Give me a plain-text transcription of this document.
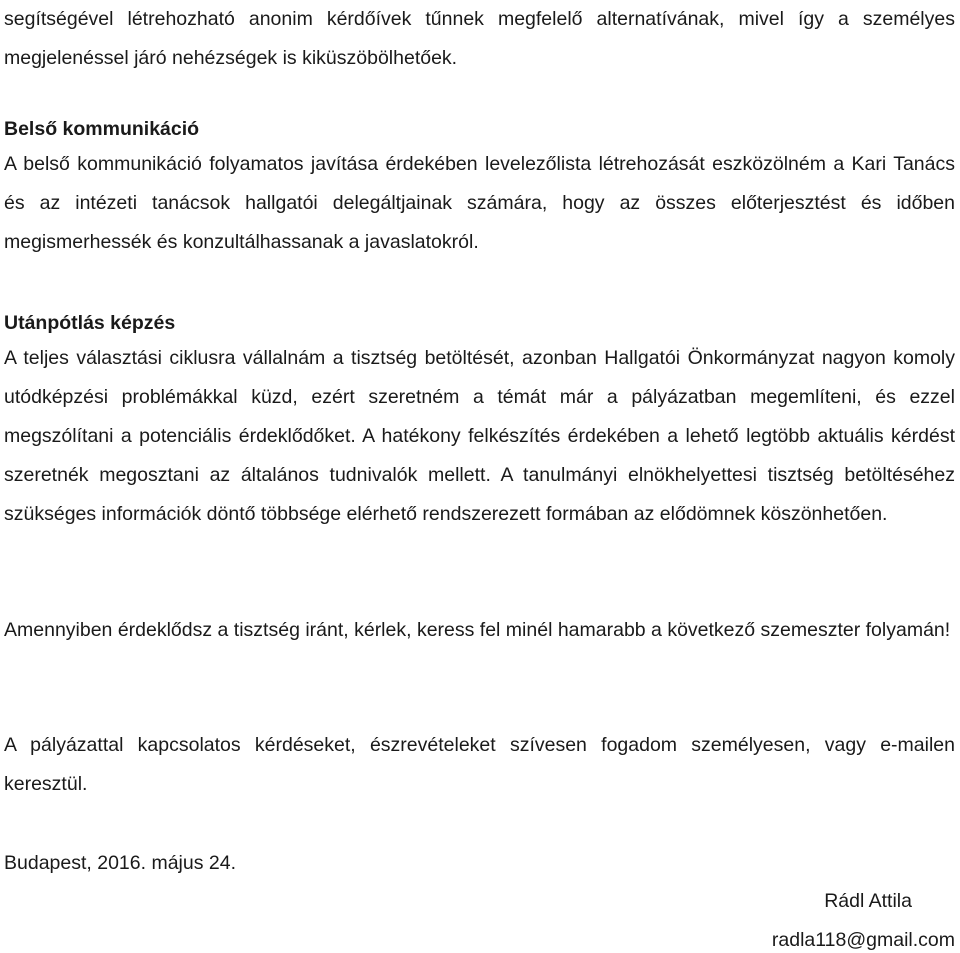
segítségével létrehozható anonim kérdőívek tűnnek megfelelő alternatívának, mivel így a személyes megjelenéssel járó nehézségek is kiküszöbölhetőek.

Belső kommunikáció

A belső kommunikáció folyamatos javítása érdekében levelezőlista létrehozását eszközölném a Kari Tanács és az intézeti tanácsok hallgatói delegáltjainak számára, hogy az összes előterjesztést és időben megismerhessék és konzultálhassanak a javaslatokról.

Utánpótlás képzés

A teljes választási ciklusra vállalnám a tisztség betöltését, azonban Hallgatói Önkormányzat nagyon komoly utódképzési problémákkal küzd, ezért szeretném a témát már a pályázatban megemlíteni, és ezzel megszólítani a potenciális érdeklődőket. A hatékony felkészítés érdekében a lehető legtöbb aktuális kérdést szeretnék megosztani az általános tudnivalók mellett. A tanulmányi elnökhelyettesi tisztség betöltéséhez szükséges információk döntő többsége elérhető rendszerezett formában az elődömnek köszönhetően.

Amennyiben érdeklődsz a tisztség iránt, kérlek, keress fel minél hamarabb a következő szemeszter folyamán!

A pályázattal kapcsolatos kérdéseket, észrevételeket szívesen fogadom személyesen, vagy e-mailen keresztül.

Budapest, 2016. május 24.
Rádl Attila
radla118@gmail.com
